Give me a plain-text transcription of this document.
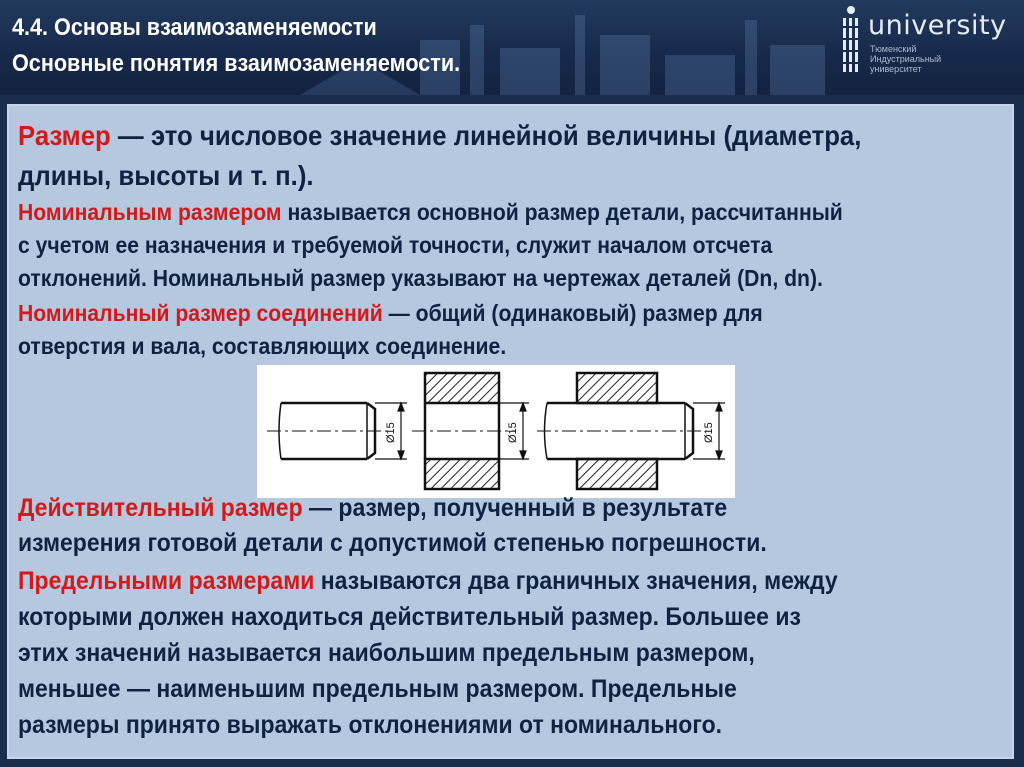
4.4. Основы взаимозаменяемости
Основные понятия взаимозаменяемости.
university
Тюменский
Индустриальный
университет
Размер — это числовое значение линейной величины (диаметра,
длины, высоты и т. п.).
Номинальным размером называется основной размер детали, рассчитанный
с учетом ее назначения и требуемой точности, служит началом отсчета
отклонений. Номинальный размер указывают на чертежах деталей (Dn, dn).
Номинальный размер соединений — общий (одинаковый) размер для
отверстия и вала, составляющих соединение.
Ø15	Ø15	Ø15
Действительный размер — размер, полученный в результате
измерения готовой детали с допустимой степенью погрешности.
Предельными размерами называются два граничных значения, между
которыми должен находиться действительный размер. Большее из
этих значений называется наибольшим предельным размером,
меньшее — наименьшим предельным размером. Предельные
размеры принято выражать отклонениями от номинального.
